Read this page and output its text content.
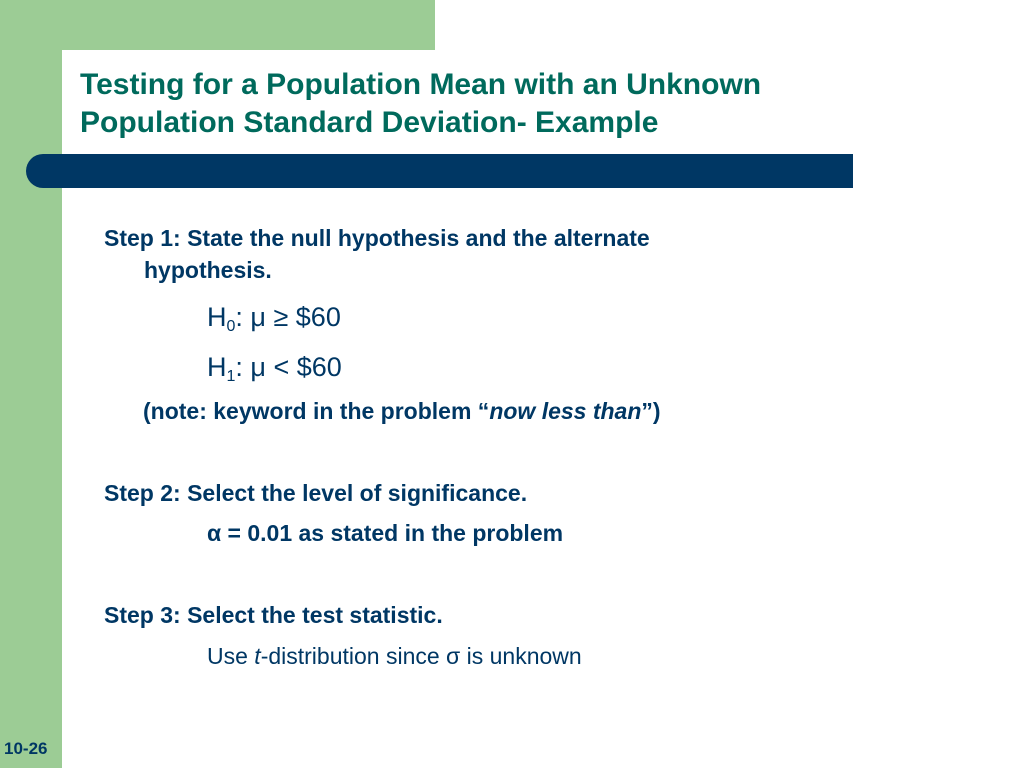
Testing for a Population Mean with an Unknown
Population Standard Deviation- Example

Step 1: State the null hypothesis and the alternate
hypothesis.

$H_0$: μ ≥ $60
$H_1$: μ < $60
(note: keyword in the problem “now less than”)

Step 2: Select the level of significance.

α = 0.01 as stated in the problem

Step 3: Select the test statistic.

Use t-distribution since σ is unknown
10-26
